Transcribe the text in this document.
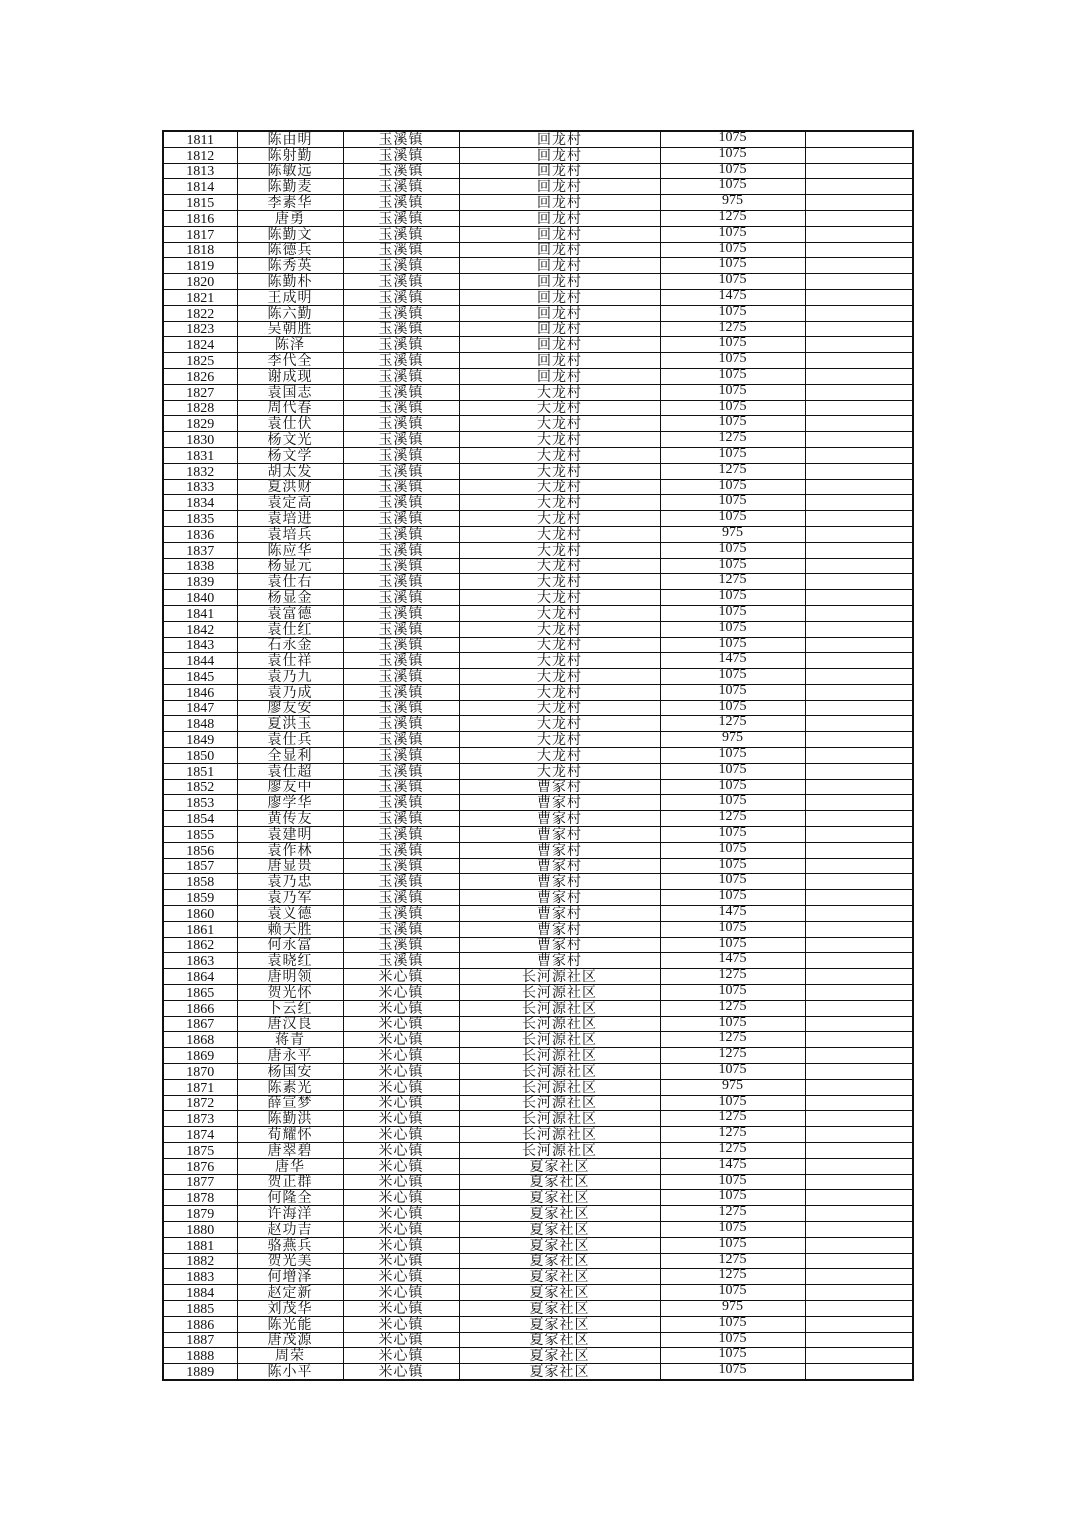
1811	陈由明	玉溪镇	回龙村	1075	
1812	陈射勤	玉溪镇	回龙村	1075	
1813	陈敏远	玉溪镇	回龙村	1075	
1814	陈勤麦	玉溪镇	回龙村	1075	
1815	李素华	玉溪镇	回龙村	975	
1816	唐勇	玉溪镇	回龙村	1275	
1817	陈勤文	玉溪镇	回龙村	1075	
1818	陈德兵	玉溪镇	回龙村	1075	
1819	陈秀英	玉溪镇	回龙村	1075	
1820	陈勤朴	玉溪镇	回龙村	1075	
1821	王成明	玉溪镇	回龙村	1475	
1822	陈六勤	玉溪镇	回龙村	1075	
1823	吴朝胜	玉溪镇	回龙村	1275	
1824	陈泽	玉溪镇	回龙村	1075	
1825	李代全	玉溪镇	回龙村	1075	
1826	谢成现	玉溪镇	回龙村	1075	
1827	袁国志	玉溪镇	大龙村	1075	
1828	周代春	玉溪镇	大龙村	1075	
1829	袁仕伏	玉溪镇	大龙村	1075	
1830	杨文光	玉溪镇	大龙村	1275	
1831	杨文学	玉溪镇	大龙村	1075	
1832	胡太发	玉溪镇	大龙村	1275	
1833	夏洪财	玉溪镇	大龙村	1075	
1834	袁定高	玉溪镇	大龙村	1075	
1835	袁培进	玉溪镇	大龙村	1075	
1836	袁培兵	玉溪镇	大龙村	975	
1837	陈应华	玉溪镇	大龙村	1075	
1838	杨显元	玉溪镇	大龙村	1075	
1839	袁仕右	玉溪镇	大龙村	1275	
1840	杨显金	玉溪镇	大龙村	1075	
1841	袁富德	玉溪镇	大龙村	1075	
1842	袁仕红	玉溪镇	大龙村	1075	
1843	石永金	玉溪镇	大龙村	1075	
1844	袁仕祥	玉溪镇	大龙村	1475	
1845	袁乃九	玉溪镇	大龙村	1075	
1846	袁乃成	玉溪镇	大龙村	1075	
1847	廖友安	玉溪镇	大龙村	1075	
1848	夏洪玉	玉溪镇	大龙村	1275	
1849	袁仕兵	玉溪镇	大龙村	975	
1850	全显利	玉溪镇	大龙村	1075	
1851	袁仕超	玉溪镇	大龙村	1075	
1852	廖友中	玉溪镇	曹家村	1075	
1853	廖学华	玉溪镇	曹家村	1075	
1854	黄传友	玉溪镇	曹家村	1275	
1855	袁建明	玉溪镇	曹家村	1075	
1856	袁作林	玉溪镇	曹家村	1075	
1857	唐显贵	玉溪镇	曹家村	1075	
1858	袁乃忠	玉溪镇	曹家村	1075	
1859	袁乃军	玉溪镇	曹家村	1075	
1860	袁义德	玉溪镇	曹家村	1475	
1861	赖天胜	玉溪镇	曹家村	1075	
1862	何永富	玉溪镇	曹家村	1075	
1863	袁晓红	玉溪镇	曹家村	1475	
1864	唐明领	米心镇	长河源社区	1275	
1865	贺光怀	米心镇	长河源社区	1075	
1866	卜云红	米心镇	长河源社区	1275	
1867	唐汉良	米心镇	长河源社区	1075	
1868	蒋青	米心镇	长河源社区	1275	
1869	唐永平	米心镇	长河源社区	1275	
1870	杨国安	米心镇	长河源社区	1075	
1871	陈素光	米心镇	长河源社区	975	
1872	薛宣梦	米心镇	长河源社区	1075	
1873	陈勤洪	米心镇	长河源社区	1275	
1874	荀耀怀	米心镇	长河源社区	1275	
1875	唐翠碧	米心镇	长河源社区	1275	
1876	唐华	米心镇	夏家社区	1475	
1877	贺正群	米心镇	夏家社区	1075	
1878	何隆全	米心镇	夏家社区	1075	
1879	许海洋	米心镇	夏家社区	1275	
1880	赵功吉	米心镇	夏家社区	1075	
1881	骆燕兵	米心镇	夏家社区	1075	
1882	贺光美	米心镇	夏家社区	1275	
1883	何增泽	米心镇	夏家社区	1275	
1884	赵定新	米心镇	夏家社区	1075	
1885	刘茂华	米心镇	夏家社区	975	
1886	陈光能	米心镇	夏家社区	1075	
1887	唐茂源	米心镇	夏家社区	1075	
1888	周荣	米心镇	夏家社区	1075	
1889	陈小平	米心镇	夏家社区	1075	
